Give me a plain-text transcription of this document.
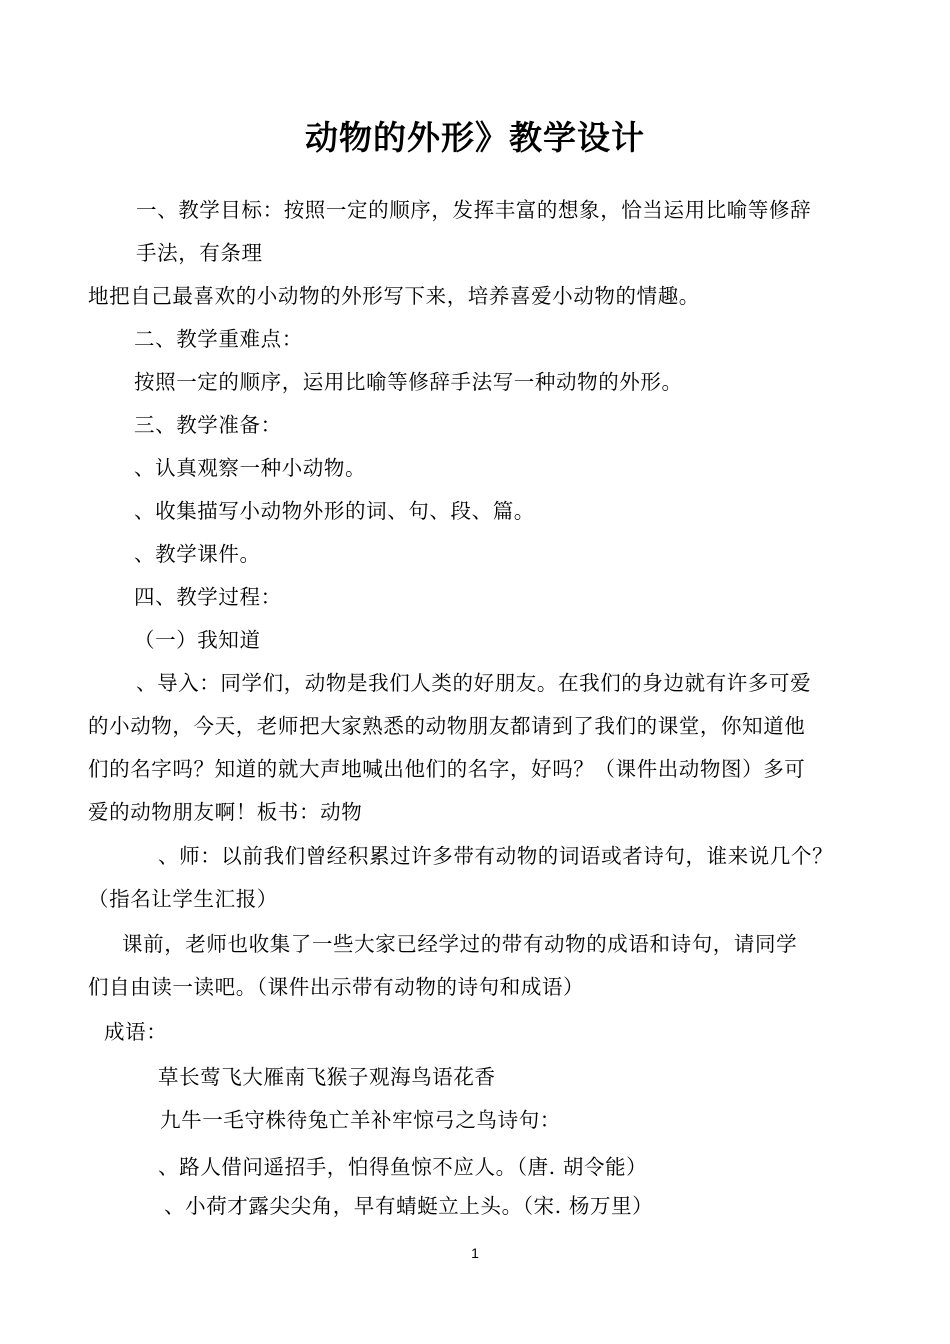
动物的外形》教学设计
一、教学目标：按照一定的顺序，发挥丰富的想象，恰当运用比喻等修辞
手法，有条理
地把自己最喜欢的小动物的外形写下来，培养喜爱小动物的情趣。
二、教学重难点：
按照一定的顺序，运用比喻等修辞手法写一种动物的外形。
三、教学准备：
、认真观察一种小动物。
、收集描写小动物外形的词、句、段、篇。
、教学课件。
四、教学过程：
（一）我知道
、导入：同学们，动物是我们人类的好朋友。在我们的身边就有许多可爱
的小动物，今天，老师把大家熟悉的动物朋友都请到了我们的课堂，你知道他
们的名字吗？知道的就大声地喊出他们的名字，好吗？（课件出动物图）多可
爱的动物朋友啊！板书：动物
、师：以前我们曾经积累过许多带有动物的词语或者诗句，谁来说几个？
（指名让学生汇报）
课前，老师也收集了一些大家已经学过的带有动物的成语和诗句，请同学
们自由读一读吧。（课件出示带有动物的诗句和成语）
成语：
草长莺飞大雁南飞猴子观海鸟语花香
九牛一毛守株待兔亡羊补牢惊弓之鸟诗句：
、路人借问遥招手，怕得鱼惊不应人。（唐. 胡令能）
、小荷才露尖尖角，早有蜻蜓立上头。（宋. 杨万里）
1
